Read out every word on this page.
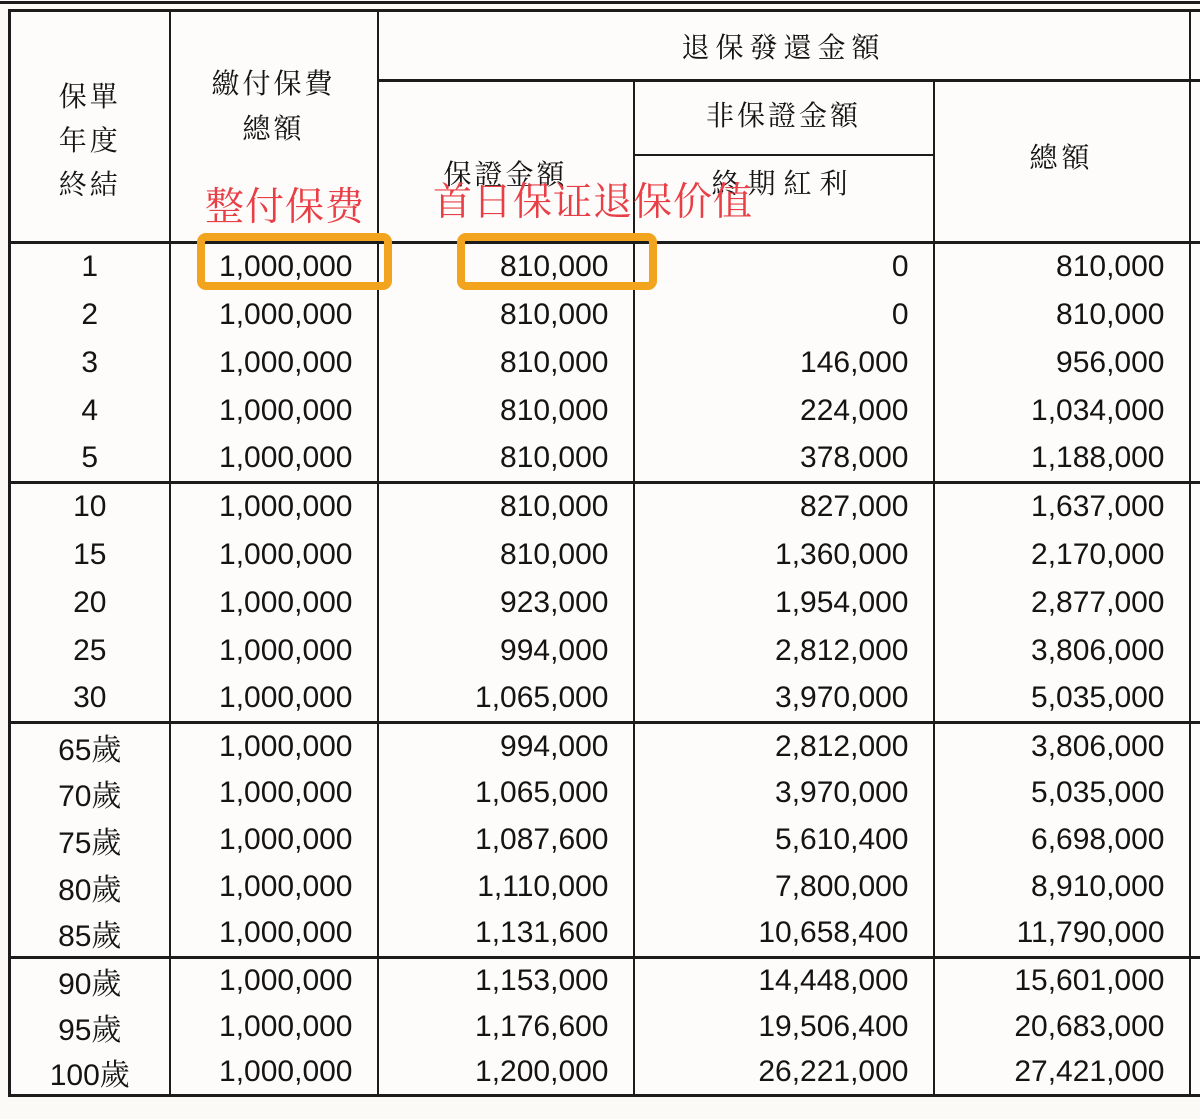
保單
年度
終結

繳付保費
總額
	退保發還金額	
		保證金額	非保證金額	總額	
			終期紅利		
1	1,000,000	810,000	0	810,000	
2	1,000,000	810,000	0	810,000	
3	1,000,000	810,000	146,000	956,000	
4	1,000,000	810,000	224,000	1,034,000	
5	1,000,000	810,000	378,000	1,188,000	
10	1,000,000	810,000	827,000	1,637,000	
15	1,000,000	810,000	1,360,000	2,170,000	
20	1,000,000	923,000	1,954,000	2,877,000	
25	1,000,000	994,000	2,812,000	3,806,000	
30	1,000,000	1,065,000	3,970,000	5,035,000	
65歲	1,000,000	994,000	2,812,000	3,806,000	
70歲	1,000,000	1,065,000	3,970,000	5,035,000	
75歲	1,000,000	1,087,600	5,610,400	6,698,000	
80歲	1,000,000	1,110,000	7,800,000	8,910,000	
85歲	1,000,000	1,131,600	10,658,400	11,790,000	
90歲	1,000,000	1,153,000	14,448,000	15,601,000	
95歲	1,000,000	1,176,600	19,506,400	20,683,000	
100歲	1,000,000	1,200,000	26,221,000	27,421,000	
整付保费 首日保证退保价值
